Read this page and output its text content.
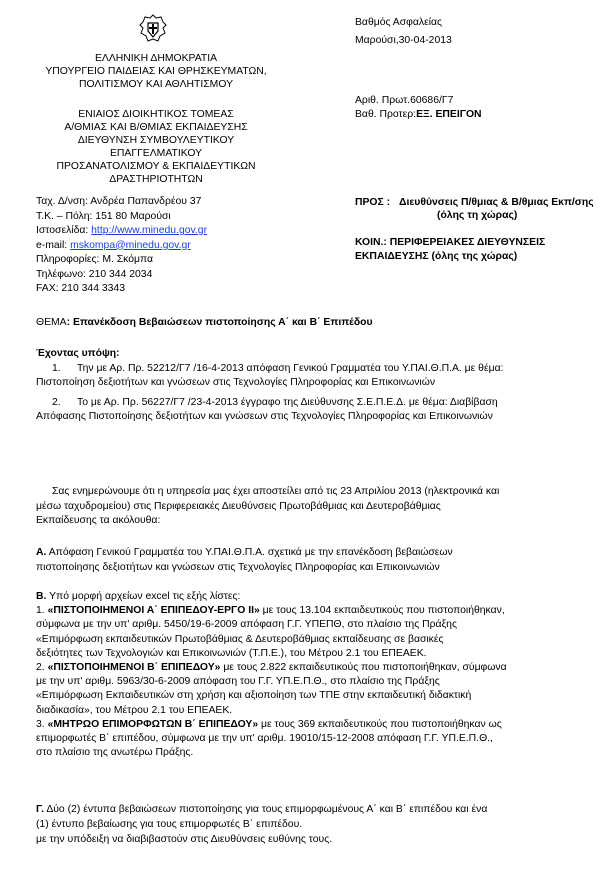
Βαθμός Ασφαλείας
Μαρούσι,30-04-2013
Αριθ. Πρωτ.60686/Γ7
Βαθ. Προτερ:ΕΞ. ΕΠΕΙΓΟΝ
ΕΛΛΗΝΙΚΗ ΔΗΜΟΚΡΑΤΙΑ
ΥΠΟΥΡΓΕΙΟ ΠΑΙΔΕΙΑΣ ΚΑΙ ΘΡΗΣΚΕΥΜΑΤΩΝ,
ΠΟΛΙΤΙΣΜΟΥ ΚΑΙ ΑΘΛΗΤΙΣΜΟΥ
ΕΝΙΑΙΟΣ ΔΙΟΙΚΗΤΙΚΟΣ ΤΟΜΕΑΣ
Α/ΘΜΙΑΣ ΚΑΙ Β/ΘΜΙΑΣ ΕΚΠΑΙΔΕΥΣΗΣ
ΔΙΕΥΘΥΝΣΗ ΣΥΜΒΟΥΛΕΥΤΙΚΟΥ ΕΠΑΓΓΕΛΜΑΤΙΚΟΥ
ΠΡΟΣΑΝΑΤΟΛΙΣΜΟΥ & ΕΚΠΑΙΔΕΥΤΙΚΩΝ
ΔΡΑΣΤΗΡΙΟΤΗΤΩΝ
Ταχ. Δ/νση: Ανδρέα Παπανδρέου 37
Τ.Κ. – Πόλη: 151 80 Μαρούσι
Ιστοσελίδα: http://www.minedu.gov.gr
e-mail: mskompa@minedu.gov.gr
Πληροφορίες: Μ. Σκόμπα
Τηλέφωνο: 210 344 2034
FAX: 210 344 3343
ΠΡΟΣ : Διευθύνσεις Π/θμιας & Β/θμιας Εκπ/σης
(όλης τη χώρας)
ΚΟΙΝ.: ΠΕΡΙΦΕΡΕΙΑΚΕΣ ΔΙΕΥΘΥΝΣΕΙΣ
ΕΚΠΑΙΔΕΥΣΗΣ (όλης της χώρας)
ΘΕΜΑ: Επανέκδοση Βεβαιώσεων πιστοποίησης Α΄ και Β΄ Επιπέδου
Έχοντας υπόψη:
1. Την με Αρ. Πρ. 52212/Γ7 /16-4-2013 απόφαση Γενικού Γραμματέα του Υ.ΠΑΙ.Θ.Π.Α. με θέμα:
Πιστοποίηση δεξιοτήτων και γνώσεων στις Τεχνολογίες Πληροφορίας και Επικοινωνιών
2. Το με Αρ. Πρ. 56227/Γ7 /23-4-2013 έγγραφο της Διεύθυνσης Σ.Ε.Π.Ε.Δ. με θέμα: Διαβίβαση
Απόφασης Πιστοποίησης δεξιοτήτων και γνώσεων στις Τεχνολογίες Πληροφορίας και Επικοινωνιών
Σας ενημερώνουμε ότι η υπηρεσία μας έχει αποστείλει από τις 23 Απριλίου 2013 (ηλεκτρονικά και
μέσω ταχυδρομείου) στις Περιφερειακές Διευθύνσεις Πρωτοβάθμιας και Δευτεροβάθμιας
Εκπαίδευσης τα ακόλουθα:
Α. Απόφαση Γενικού Γραμματέα του Υ.ΠΑΙ.Θ.Π.Α. σχετικά με την επανέκδοση βεβαιώσεων
πιστοποίησης δεξιοτήτων και γνώσεων στις Τεχνολογίες Πληροφορίας και Επικοινωνιών
Β. Υπό μορφή αρχείων excel τις εξής λίστες:
1. «ΠΙΣΤΟΠΟΙΗΜΕΝΟΙ Α΄ ΕΠΙΠΕΔΟΥ-ΕΡΓΟ ΙΙ» με τους 13.104 εκπαιδευτικούς που πιστοποιήθηκαν,
σύμφωνα με την υπ' αριθμ. 5450/19-6-2009 απόφαση Γ.Γ. ΥΠΕΠΘ, στο πλαίσιο της Πράξης
«Επιμόρφωση εκπαιδευτικών Πρωτοβάθμιας & Δευτεροβάθμιας εκπαίδευσης σε βασικές
δεξιότητες των Τεχνολογιών και Επικοινωνιών (Τ.Π.Ε.), του Μέτρου 2.1 του ΕΠΕΑΕΚ.
2. «ΠΙΣΤΟΠΟΙΗΜΕΝΟΙ Β΄ ΕΠΙΠΕΔΟΥ» με τους 2.822 εκπαιδευτικούς που πιστοποιήθηκαν, σύμφωνα
με την υπ' αριθμ. 5963/30-6-2009 απόφαση του Γ.Γ. ΥΠ.Ε.Π.Θ., στο πλαίσιο της Πράξης
«Επιμόρφωση Εκπαιδευτικών στη χρήση και αξιοποίηση των ΤΠΕ στην εκπαιδευτική διδακτική
διαδικασία», του Μέτρου 2.1 του ΕΠΕΑΕΚ.
3. «ΜΗΤΡΩΟ ΕΠΙΜΟΡΦΩΤΩΝ Β΄ ΕΠΙΠΕΔΟΥ» με τους 369 εκπαιδευτικούς που πιστοποιήθηκαν ως
επιμορφωτές Β΄ επιπέδου, σύμφωνα με την υπ' αριθμ. 19010/15-12-2008 απόφαση Γ.Γ. ΥΠ.Ε.Π.Θ.,
στο πλαίσιο της ανωτέρω Πράξης.
Γ. Δύο (2) έντυπα βεβαιώσεων πιστοποίησης για τους επιμορφωμένους Α΄ και Β΄ επιπέδου και ένα
(1) έντυπο βεβαίωσης για τους επιμορφωτές Β΄ επιπέδου.
με την υπόδειξη να διαβιβαστούν στις Διευθύνσεις ευθύνης τους.
